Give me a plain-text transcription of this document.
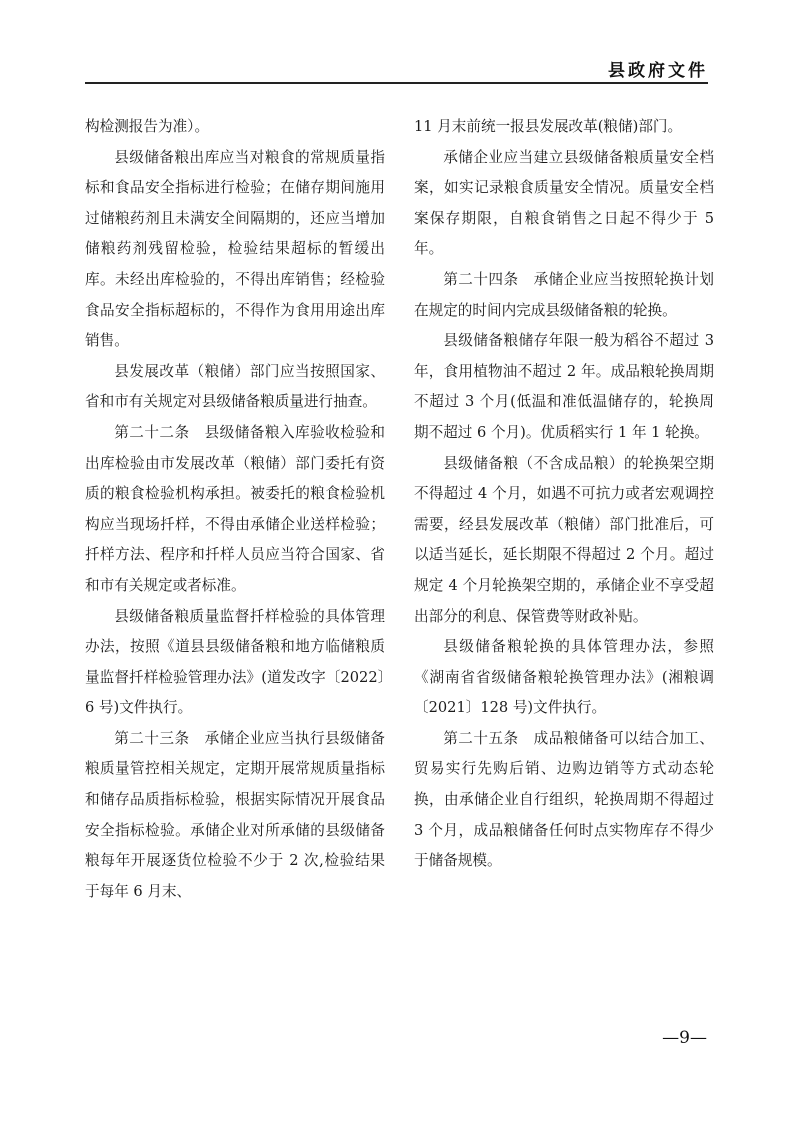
县政府文件

构检测报告为准）。

县级储备粮出库应当对粮食的常规质量指标和食品安全指标进行检验；在储存期间施用过储粮药剂且未满安全间隔期的，还应当增加储粮药剂残留检验，检验结果超标的暂缓出库。未经出库检验的，不得出库销售；经检验食品安全指标超标的，不得作为食用用途出库销售。

县发展改革（粮储）部门应当按照国家、省和市有关规定对县级储备粮质量进行抽查。

第二十二条　县级储备粮入库验收检验和出库检验由市发展改革（粮储）部门委托有资质的粮食检验机构承担。被委托的粮食检验机构应当现场扦样，不得由承储企业送样检验；扦样方法、程序和扦样人员应当符合国家、省和市有关规定或者标准。

县级储备粮质量监督扦样检验的具体管理办法，按照《道县县级储备粮和地方临储粮质量监督扦样检验管理办法》(道发改字〔2022〕6 号)文件执行。

第二十三条　承储企业应当执行县级储备粮质量管控相关规定，定期开展常规质量指标和储存品质指标检验，根据实际情况开展食品安全指标检验。承储企业对所承储的县级储备粮每年开展逐货位检验不少于 2 次,检验结果于每年 6 月末、

11 月末前统一报县发展改革(粮储)部门。

承储企业应当建立县级储备粮质量安全档案，如实记录粮食质量安全情况。质量安全档案保存期限，自粮食销售之日起不得少于 5 年。

第二十四条　承储企业应当按照轮换计划在规定的时间内完成县级储备粮的轮换。

县级储备粮储存年限一般为稻谷不超过 3 年，食用植物油不超过 2 年。成品粮轮换周期不超过 3 个月(低温和准低温储存的，轮换周期不超过 6 个月)。优质稻实行 1 年 1 轮换。

县级储备粮（不含成品粮）的轮换架空期不得超过 4 个月，如遇不可抗力或者宏观调控需要，经县发展改革（粮储）部门批准后，可以适当延长，延长期限不得超过 2 个月。超过规定 4 个月轮换架空期的，承储企业不享受超出部分的利息、保管费等财政补贴。

县级储备粮轮换的具体管理办法，参照《湖南省省级储备粮轮换管理办法》(湘粮调〔2021〕128 号)文件执行。

第二十五条　成品粮储备可以结合加工、贸易实行先购后销、边购边销等方式动态轮换，由承储企业自行组织，轮换周期不得超过 3 个月，成品粮储备任何时点实物库存不得少于储备规模。

—9—
